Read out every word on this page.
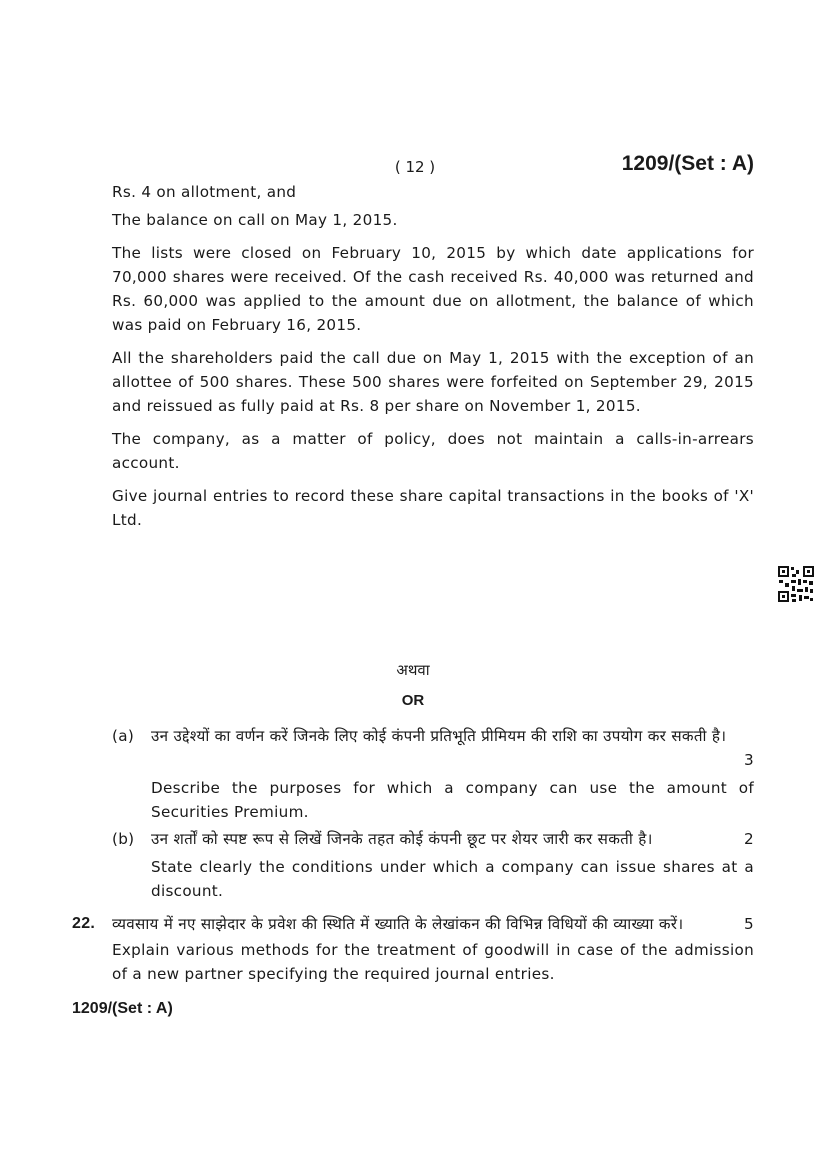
( 12 )	1209/(Set : A)

Rs. 4 on allotment, and

The balance on call on May 1, 2015.

The lists were closed on February 10, 2015 by which date applications for 70,000 shares were received. Of the cash received Rs. 40,000 was returned and Rs. 60,000 was applied to the amount due on allotment, the balance of which was paid on February 16, 2015.

All the shareholders paid the call due on May 1, 2015 with the exception of an allottee of 500 shares. These 500 shares were forfeited on September 29, 2015 and reissued as fully paid at Rs. 8 per share on November 1, 2015.

The company, as a matter of policy, does not maintain a calls-in-arrears account.

Give journal entries to record these share capital transactions in the books of 'X' Ltd.

अथवा
OR
(a)	उन उद्देश्यों का वर्णन करें जिनके लिए कोई कंपनी प्रतिभूति प्रीमियम की राशि का उपयोग कर सकती है।
3
Describe the purposes for which a company can use the amount of Securities Premium.
(b)	उन शर्तों को स्पष्ट रूप से लिखें जिनके तहत कोई कंपनी छूट पर शेयर जारी कर सकती है।	2
State clearly the conditions under which a company can issue shares at a discount.
22. व्यवसाय में नए साझेदार के प्रवेश की स्थिति में ख्याति के लेखांकन की विभिन्न विधियों की व्याख्या करें।	5
Explain various methods for the treatment of goodwill in case of the admission of a new partner specifying the required journal entries.
1209/(Set : A)
